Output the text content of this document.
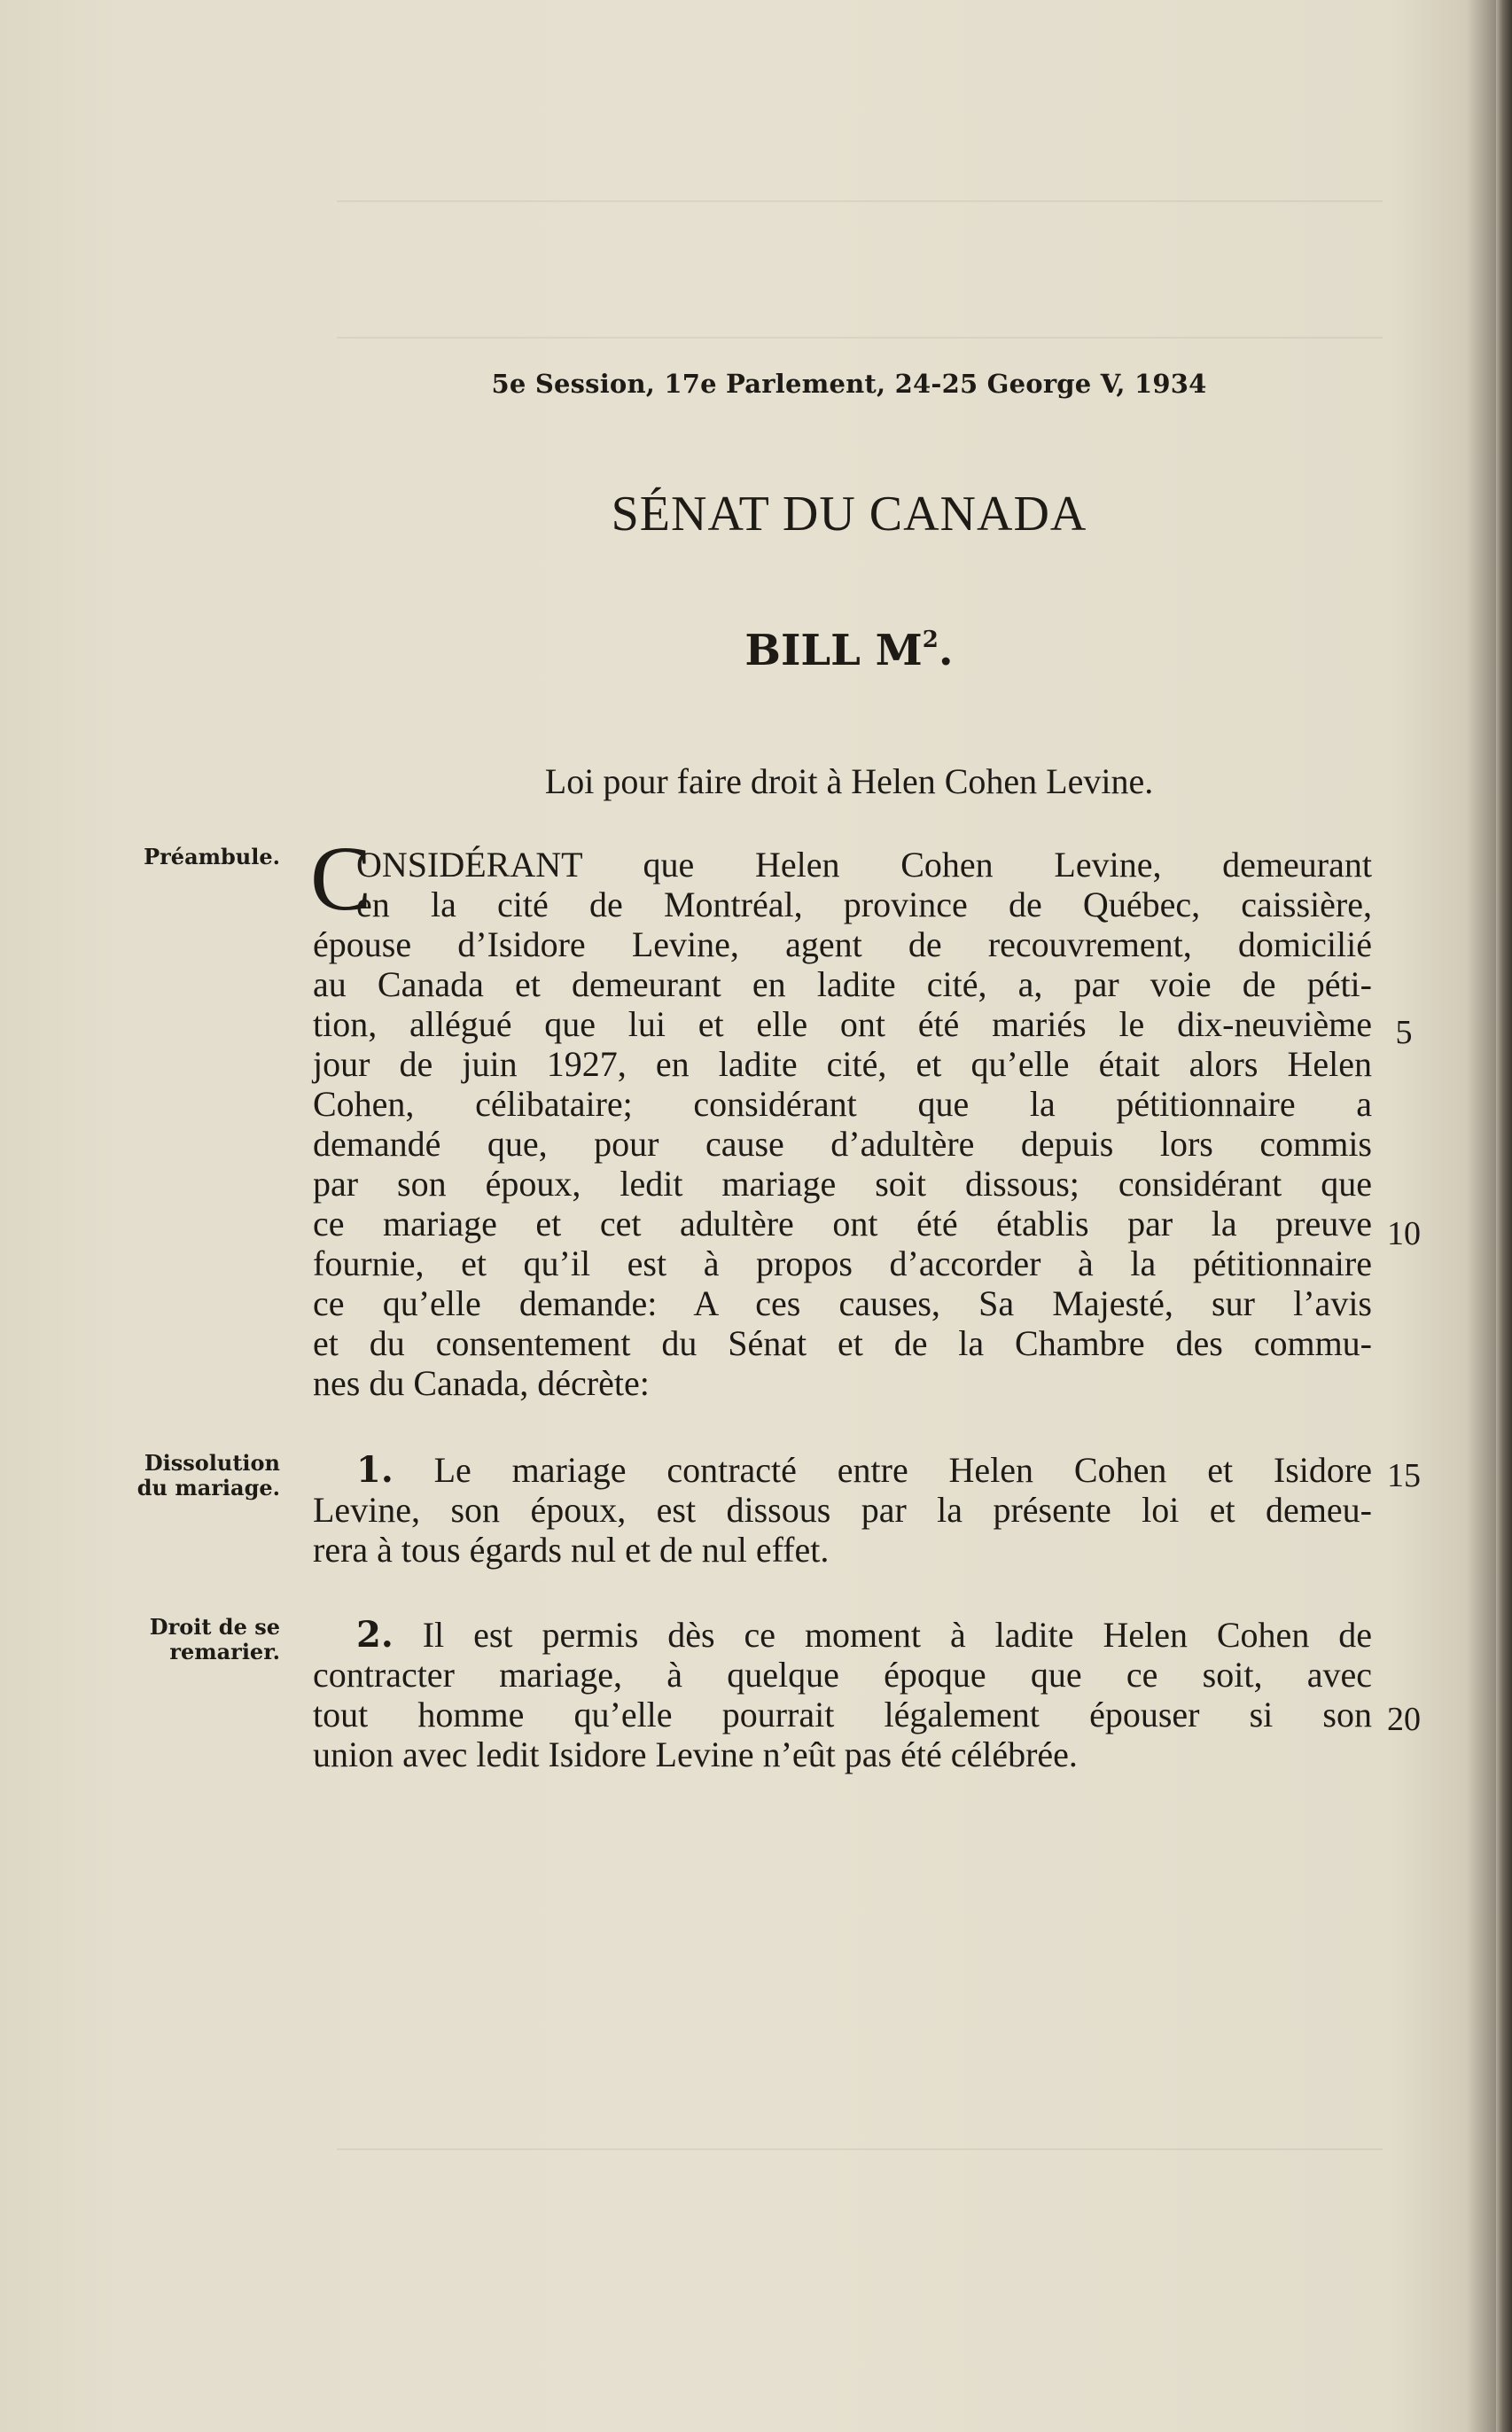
5e Session, 17e Parlement, 24-25 George V, 1934
SÉNAT DU CANADA
BILL $M^2$.
Loi pour faire droit à Helen Cohen Levine.
Préambule.
Dissolution
du mariage.
Droit de se
remarier.
C
ONSIDÉRANT que Helen Cohen Levine, demeurant
en la cité de Montréal, province de Québec, caissière,
épouse d’Isidore Levine, agent de recouvrement, domicilié
au Canada et demeurant en ladite cité, a, par voie de péti-
tion, allégué que lui et elle ont été mariés le dix-neuvième
jour de juin 1927, en ladite cité, et qu’elle était alors Helen
Cohen, célibataire; considérant que la pétitionnaire a
demandé que, pour cause d’adultère depuis lors commis
par son époux, ledit mariage soit dissous; considérant que
ce mariage et cet adultère ont été établis par la preuve
fournie, et qu’il est à propos d’accorder à la pétitionnaire
ce qu’elle demande: A ces causes, Sa Majesté, sur l’avis
et du consentement du Sénat et de la Chambre des commu-
nes du Canada, décrète:
1. Le mariage contracté entre Helen Cohen et Isidore
Levine, son époux, est dissous par la présente loi et demeu-
rera à tous égards nul et de nul effet.
2. Il est permis dès ce moment à ladite Helen Cohen de
contracter mariage, à quelque époque que ce soit, avec
tout homme qu’elle pourrait légalement épouser si son
union avec ledit Isidore Levine n’eût pas été célébrée.
5
10
15
20
